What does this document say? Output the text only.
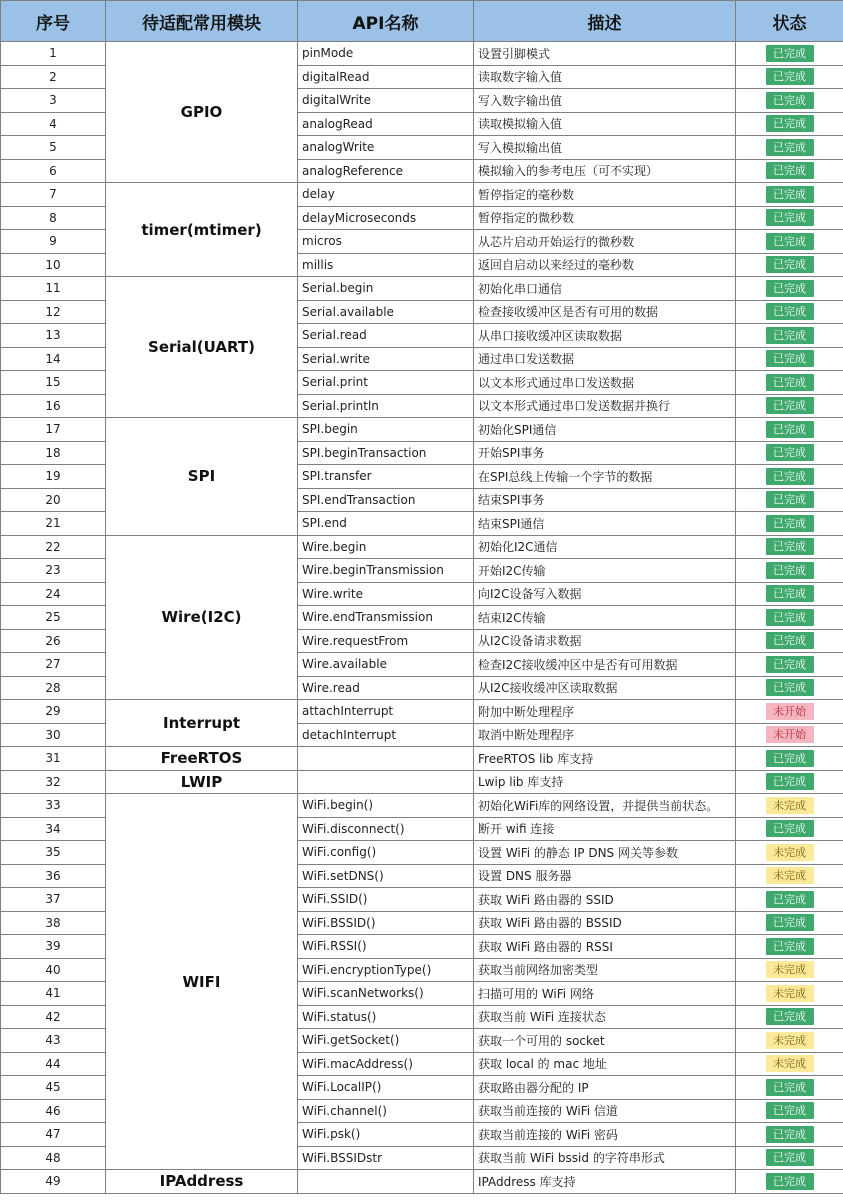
序号	待适配常用模块	API名称	描述	状态
1	GPIO	pinMode	设置引脚模式	已完成
2		digitalRead	读取数字输入值	已完成
3		digitalWrite	写入数字输出值	已完成
4		analogRead	读取模拟输入值	已完成
5		analogWrite	写入模拟输出值	已完成
6		analogReference	模拟输入的参考电压（可不实现）	已完成
7	timer(mtimer)	delay	暂停指定的毫秒数	已完成
8		delayMicroseconds	暂停指定的微秒数	已完成
9		micros	从芯片启动开始运行的微秒数	已完成
10		millis	返回自启动以来经过的毫秒数	已完成
11	Serial(UART)	Serial.begin	初始化串口通信	已完成
12		Serial.available	检查接收缓冲区是否有可用的数据	已完成
13		Serial.read	从串口接收缓冲区读取数据	已完成
14		Serial.write	通过串口发送数据	已完成
15		Serial.print	以文本形式通过串口发送数据	已完成
16		Serial.println	以文本形式通过串口发送数据并换行	已完成
17	SPI	SPI.begin	初始化SPI通信	已完成
18		SPI.beginTransaction	开始SPI事务	已完成
19		SPI.transfer	在SPI总线上传输一个字节的数据	已完成
20		SPI.endTransaction	结束SPI事务	已完成
21		SPI.end	结束SPI通信	已完成
22	Wire(I2C)	Wire.begin	初始化I2C通信	已完成
23		Wire.beginTransmission	开始I2C传输	已完成
24		Wire.write	向I2C设备写入数据	已完成
25		Wire.endTransmission	结束I2C传输	已完成
26		Wire.requestFrom	从I2C设备请求数据	已完成
27		Wire.available	检查I2C接收缓冲区中是否有可用数据	已完成
28		Wire.read	从I2C接收缓冲区读取数据	已完成
29	Interrupt	attachInterrupt	附加中断处理程序	未开始
30		detachInterrupt	取消中断处理程序	未开始
31	FreeRTOS		FreeRTOS lib 库支持	已完成
32	LWIP		Lwip lib 库支持	已完成
33	WIFI	WiFi.begin()	初始化WiFi库的网络设置，并提供当前状态。	未完成
34		WiFi.disconnect()	断开 wifi 连接	已完成
35		WiFi.config()	设置 WiFi 的静态 IP DNS 网关等参数	未完成
36		WiFi.setDNS()	设置 DNS 服务器	未完成
37		WiFi.SSID()	获取 WiFi 路由器的 SSID	已完成
38		WiFi.BSSID()	获取 WiFi 路由器的 BSSID	已完成
39		WiFi.RSSI()	获取 WiFi 路由器的 RSSI	已完成
40		WiFi.encryptionType()	获取当前网络加密类型	未完成
41		WiFi.scanNetworks()	扫描可用的 WiFi 网络	未完成
42		WiFi.status()	获取当前 WiFi 连接状态	已完成
43		WiFi.getSocket()	获取一个可用的 socket	未完成
44		WiFi.macAddress()	获取 local 的 mac 地址	未完成
45		WiFi.LocalIP()	获取路由器分配的 IP	已完成
46		WiFi.channel()	获取当前连接的 WiFi 信道	已完成
47		WiFi.psk()	获取当前连接的 WiFi 密码	已完成
48		WiFi.BSSIDstr	获取当前 WiFi bssid 的字符串形式	已完成
49	IPAddress		IPAddress 库支持	已完成
